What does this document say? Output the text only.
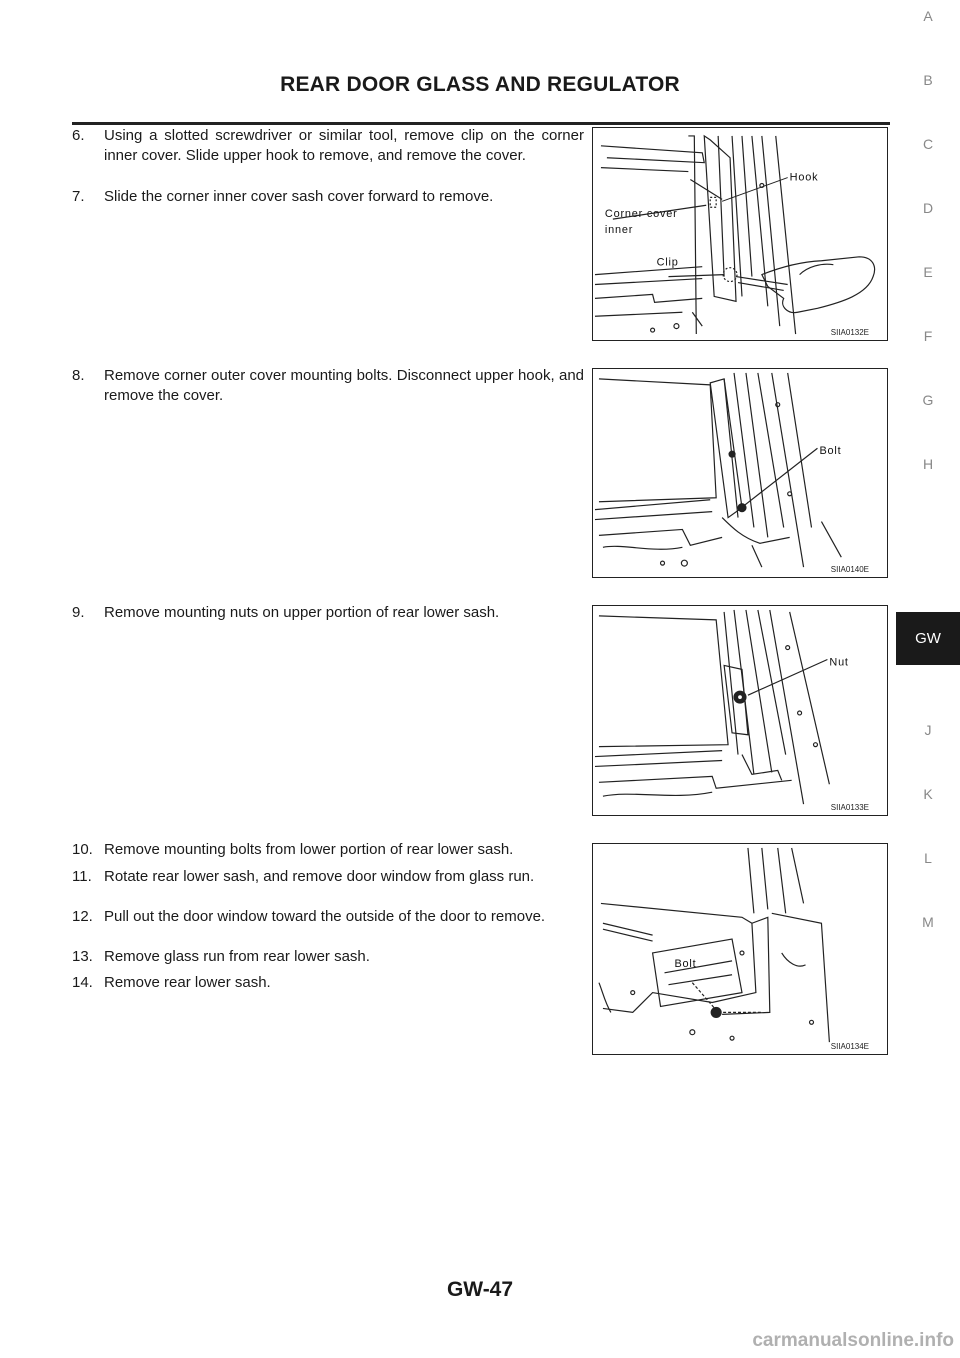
REAR DOOR GLASS AND REGULATOR
6.	Using a slotted screwdriver or similar tool, remove clip on the corner inner cover. Slide upper hook to remove, and remove the cover.
7.	Slide the corner inner cover sash cover forward to remove.
8.	Remove corner outer cover mounting bolts. Disconnect upper hook, and remove the cover.
9.	Remove mounting nuts on upper portion of rear lower sash.
10. Remove mounting bolts from lower portion of rear lower sash.
11. Rotate rear lower sash, and remove door window from glass run.
12. Pull out the door window toward the outside of the door to remove.
13. Remove glass run from rear lower sash.
14. Remove rear lower sash.
Hook
Corner cover
inner
Clip
SIIA0132E
Bolt
SIIA0140E
Nut
SIIA0133E
Bolt
SIIA0134E
A
B
C
D
E
F
G
H
GW
J
K
L
M
GW-47
carmanualsonline.info
